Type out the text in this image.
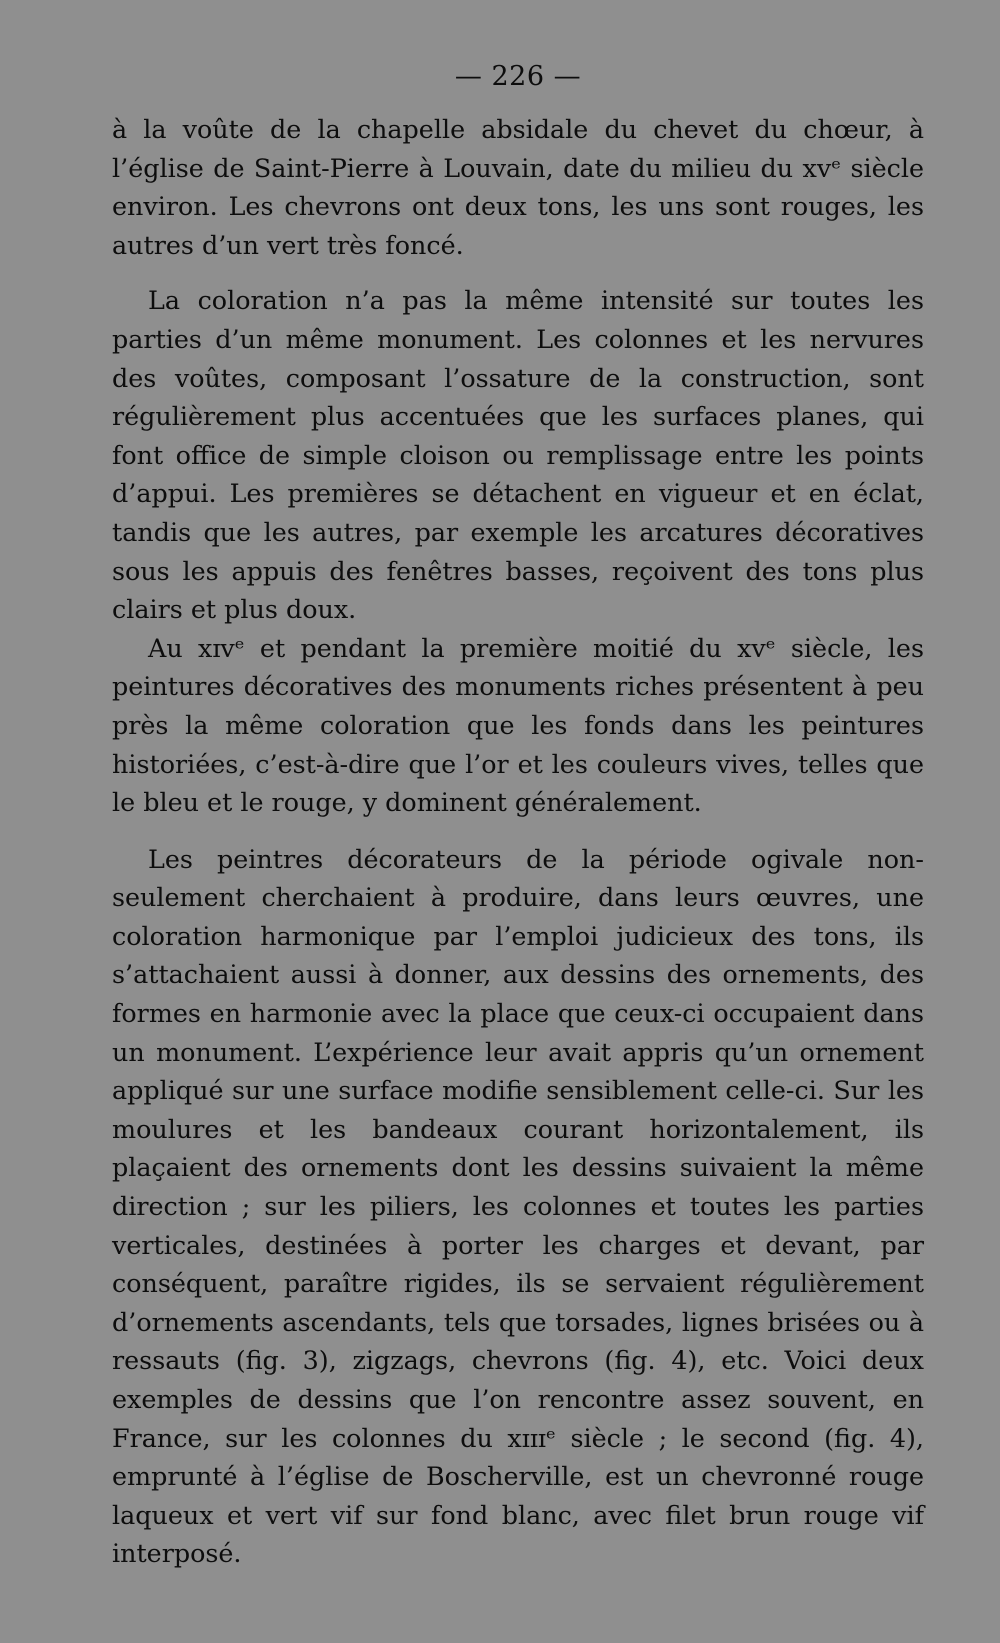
— 226 —

à la voûte de la chapelle absidale du chevet du chœur, à l’église de Saint-Pierre à Louvain, date du milieu du xvᵉ siècle environ. Les chevrons ont deux tons, les uns sont rouges, les autres d’un vert très foncé.

La coloration n’a pas la même intensité sur toutes les parties d’un même monument. Les colonnes et les nervures des voûtes, composant l’ossature de la construction, sont régulièrement plus accentuées que les surfaces planes, qui font office de simple cloison ou remplissage entre les points d’appui. Les premières se détachent en vigueur et en éclat, tandis que les autres, par exemple les arcatures décoratives sous les appuis des fenêtres basses, reçoivent des tons plus clairs et plus doux.

Au xɪvᵉ et pendant la première moitié du xvᵉ siècle, les peintures décoratives des monuments riches présentent à peu près la même coloration que les fonds dans les peintures historiées, c’est-à-dire que l’or et les couleurs vives, telles que le bleu et le rouge, y dominent généralement.

Les peintres décorateurs de la période ogivale non-seulement cherchaient à produire, dans leurs œuvres, une coloration harmonique par l’emploi judicieux des tons, ils s’attachaient aussi à donner, aux dessins des ornements, des formes en harmonie avec la place que ceux-ci occupaient dans un monument. L’expérience leur avait appris qu’un ornement appliqué sur une surface modifie sensiblement celle-ci. Sur les moulures et les bandeaux courant horizontalement, ils plaçaient des ornements dont les dessins suivaient la même direction ; sur les piliers, les colonnes et toutes les parties verticales, destinées à porter les charges et devant, par conséquent, paraître rigides, ils se servaient régulièrement d’ornements ascendants, tels que torsades, lignes brisées ou à ressauts (fig. 3), zigzags, chevrons (fig. 4), etc. Voici deux exemples de dessins que l’on rencontre assez souvent, en France, sur les colonnes du xɪɪɪᵉ siècle ; le second (fig. 4), emprunté à l’église de Boscherville, est un chevronné rouge laqueux et vert vif sur fond blanc, avec filet brun rouge vif interposé.
